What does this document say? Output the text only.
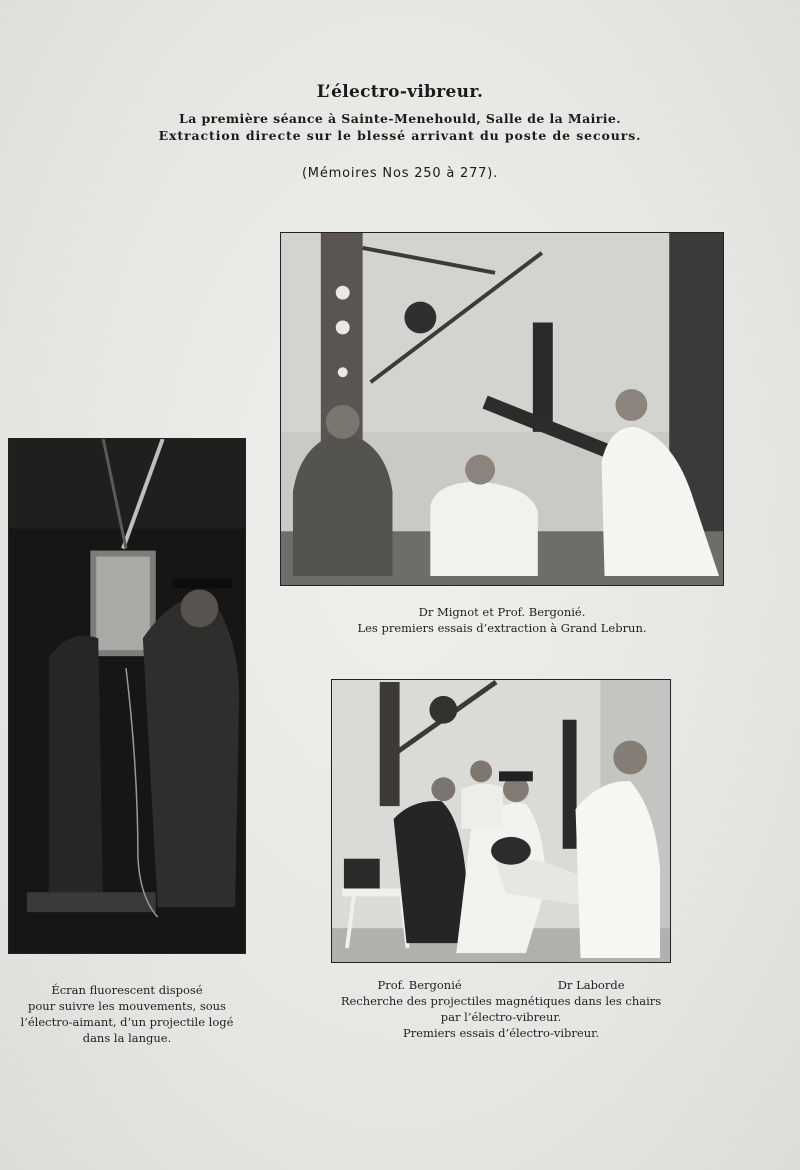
L’électro-vibreur.
La première séance à Sainte-Menehould, Salle de la Mairie.
Extraction directe sur le blessé arrivant du poste de secours.
(Mémoires Nos 250 à 277).
Dr Mignot et Prof. Bergonié.
Les premiers essais d’extraction à Grand Lebrun.
Écran fluorescent disposé
pour suivre les mouvements, sous
l’électro-aimant, d’un projectile logé
dans la langue.
Prof. Bergonié	Dr Laborde
Recherche des projectiles magnétiques dans les chairs
par l’électro-vibreur.
Premiers essais d’électro-vibreur.
